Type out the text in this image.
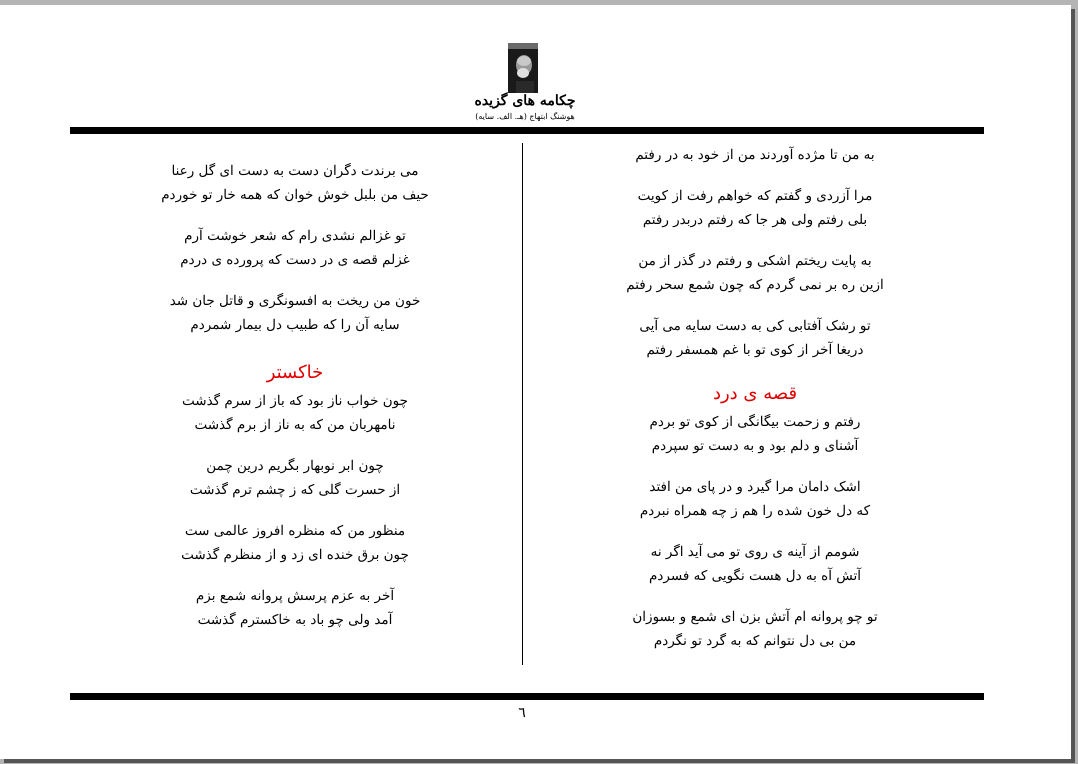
چکامه های گزیده
هوشنگ ابتهاج (هـ. الف. سایه)
به من تا مژده آوردند من از خود به در رفتم
مرا آزردی و گفتم که خواهم رفت از کویت
بلی رفتم ولی هر جا که رفتم دربدر رفتم
به پایت ریختم اشکی و رفتم در گذر از من
ازین ره بر نمی گردم که چون شمع سحر رفتم
تو رشک آفتابی کی به دست سایه می آیی
دریغا آخر از کوی تو با غم همسفر رفتم
قصه ی درد
رفتم و زحمت بیگانگی از کوی تو بردم
آشنای و دلم بود و به دست تو سپردم
اشک دامان مرا گیرد و در پای من افتد
که دل خون شده را هم ز چه همراه نبردم
شومم از آینه ی روی تو می آید اگر نه
آتش آه به دل هست نگویی که فسردم
تو چو پروانه ام آتش بزن ای شمع و بسوزان
من بی دل نتوانم که به گرد تو نگردم
می برندت دگران دست به دست ای گل رعنا
حیف من بلبل خوش خوان که همه خار تو خوردم
تو غزالم نشدی رام که شعر خوشت آرم
غزلم قصه ی در دست که پرورده ی دردم
خون من ریخت به افسونگری و قاتل جان شد
سایه آن را که طبیب دل بیمار شمردم
خاکستر
چون خواب ناز بود که باز از سرم گذشت
نامهربان من که به ناز از برم گذشت
چون ابر نوبهار بگریم درین چمن
از حسرت گلی که ز چشم ترم گذشت
منظور من که منظره افروز عالمی ست
چون برق خنده ای زد و از منظرم گذشت
آخر به عزم پرسش پروانه شمع بزم
آمد ولی چو باد به خاکسترم گذشت
٦
